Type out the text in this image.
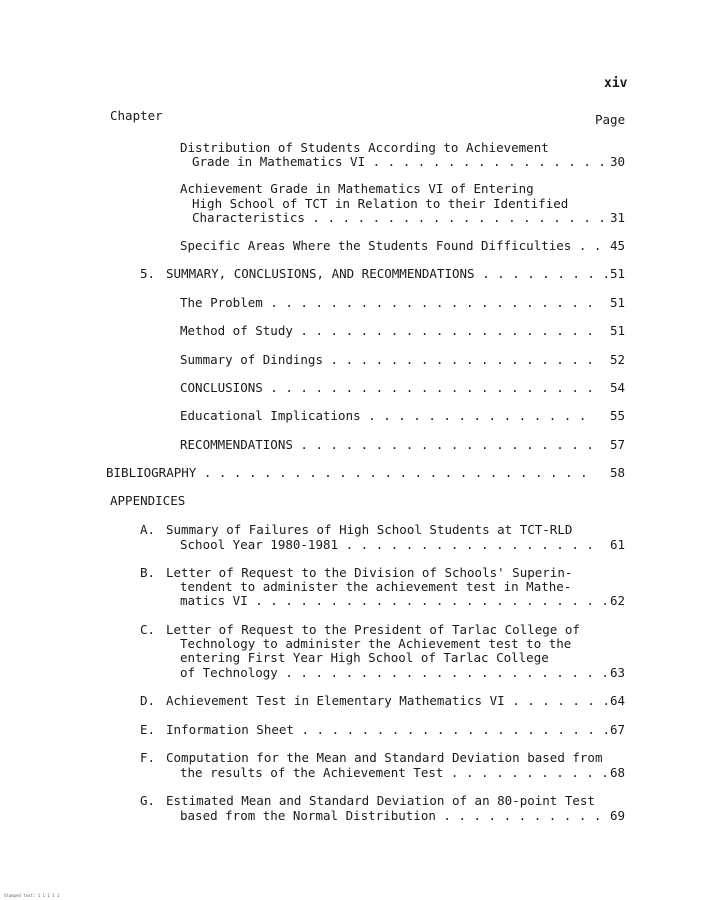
xiv
Chapter	Page
Distribution of Students According to Achievement
Grade in Mathematics VI . . . . . . . . . . . . . . . . 30
Achievement Grade in Mathematics VI of Entering
High School of TCT in Relation to their Identified
Characteristics . . . . . . . . . . . . . . . . . . . . 31
Specific Areas Where the Students Found Difficulties . . 45
5. SUMMARY, CONCLUSIONS, AND RECOMMENDATIONS . . . . . . . . . 51
The Problem . . . . . . . . . . . . . . . . . . . . . .	51
Method of Study . . . . . . . . . . . . . . . . . . . .	51
Summary of Dindings . . . . . . . . . . . . . . . . . .	52
CONCLUSIONS . . . . . . . . . . . . . . . . . . . . . .	54
Educational Implications . . . . . . . . . . . . . . .	55
RECOMMENDATIONS . . . . . . . . . . . . . . . . . . . .	57
BIBLIOGRAPHY . . . . . . . . . . . . . . . . . . . . . . . . . .	58
APPENDICES
A. Summary of Failures of High School Students at TCT-RLD
School Year 1980-1981 . . . . . . . . . . . . . . . . .	61
B. Letter of Request to the Division of Schools' Superin-
tendent to administer the achievement test in Mathe-
matics VI . . . . . . . . . . . . . . . . . . . . . . . . 62
C. Letter of Request to the President of Tarlac College of
Technology to administer the Achievement test to the
entering First Year High School of Tarlac College
of Technology . . . . . . . . . . . . . . . . . . . . . . 63
D. Achievement Test in Elementary Mathematics VI . . . . . . . 64
E. Information Sheet . . . . . . . . . . . . . . . . . . . . . 67
F. Computation for the Mean and Standard Deviation based from
the results of the Achievement Test . . . . . . . . . . . 68
G. Estimated Mean and Standard Deviation of an 80-point Test
based from the Normal Distribution . . . . . . . . . . . 69
Stamped text: 1 1 1 1 1
